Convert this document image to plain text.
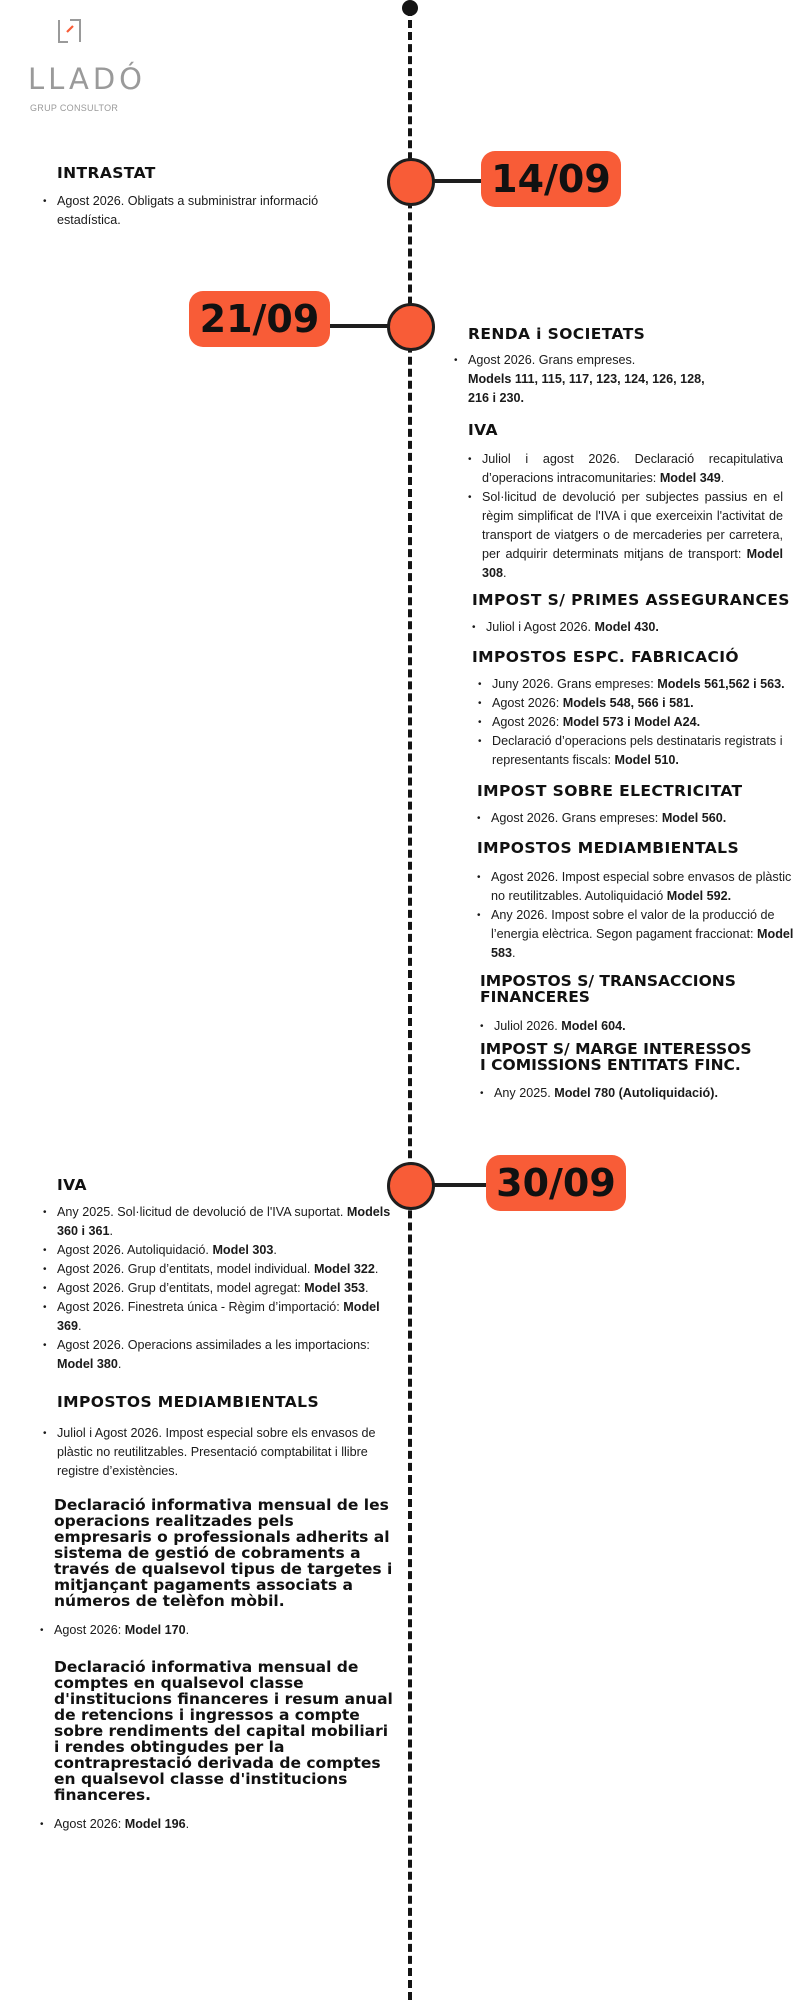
LLADÓ
GRUP CONSULTOR
14/09
INTRASTAT
• Agost 2026. Obligats a subministrar informació estadística.
21/09	RENDA i SOCIETATS
• Agost 2026. Grans empreses.
Models 111, 115, 117, 123, 124, 126, 128, 216 i 230.
IVA
• Juliol i agost 2026. Declaració recapitulativa d’operacions intracomunitaries: Model 349.
• Sol·licitud de devolució per subjectes passius en el règim simplificat de l'IVA i que exerceixin l'activitat de transport de viatgers o de mercaderies per carretera, per adquirir determinats mitjans de transport: Model 308.
IMPOST S/ PRIMES ASSEGURANCES
• Juliol i Agost 2026. Model 430.
IMPOSTOS ESPC. FABRICACIÓ
• Juny 2026. Grans empreses: Models 561,562 i 563.
• Agost 2026: Models 548, 566 i 581.
• Agost 2026: Model 573 i Model A24.
• Declaració d’operacions pels destinataris registrats i representants fiscals: Model 510.
IMPOST SOBRE ELECTRICITAT
• Agost 2026. Grans empreses: Model 560.
IMPOSTOS MEDIAMBIENTALS
• Agost 2026. Impost especial sobre envasos de plàstic no reutilitzables. Autoliquidació Model 592.
• Any 2026. Impost sobre el valor de la producció de l’energia elèctrica. Segon pagament fraccionat: Model 583.
IMPOSTOS S/ TRANSACCIONS
FINANCERES
• Juliol 2026. Model 604.
IMPOST S/ MARGE INTERESSOS
I COMISSIONS ENTITATS FINC.
• Any 2025. Model 780 (Autoliquidació).
30/09
IVA
• Any 2025. Sol·licitud de devolució de l'IVA suportat. Models 360 i 361.
• Agost 2026. Autoliquidació. Model 303.
• Agost 2026. Grup d’entitats, model individual. Model 322.
• Agost 2026. Grup d’entitats, model agregat: Model 353.
• Agost 2026. Finestreta única - Règim d’importació: Model 369.
• Agost 2026. Operacions assimilades a les importacions: Model 380.
IMPOSTOS MEDIAMBIENTALS
• Juliol i Agost 2026. Impost especial sobre els envasos de plàstic no reutilitzables. Presentació comptabilitat i llibre registre d’existències.
Declaració informativa mensual de les operacions realitzades pels empresaris o professionals adherits al sistema de gestió de cobraments a través de qualsevol tipus de targetes i mitjançant pagaments associats a números de telèfon mòbil.
• Agost 2026: Model 170.
Declaració informativa mensual de comptes en qualsevol classe d'institucions financeres i resum anual de retencions i ingressos a compte sobre rendiments del capital mobiliari i rendes obtingudes per la contraprestació derivada de comptes en qualsevol classe d'institucions financeres.
• Agost 2026: Model 196.
